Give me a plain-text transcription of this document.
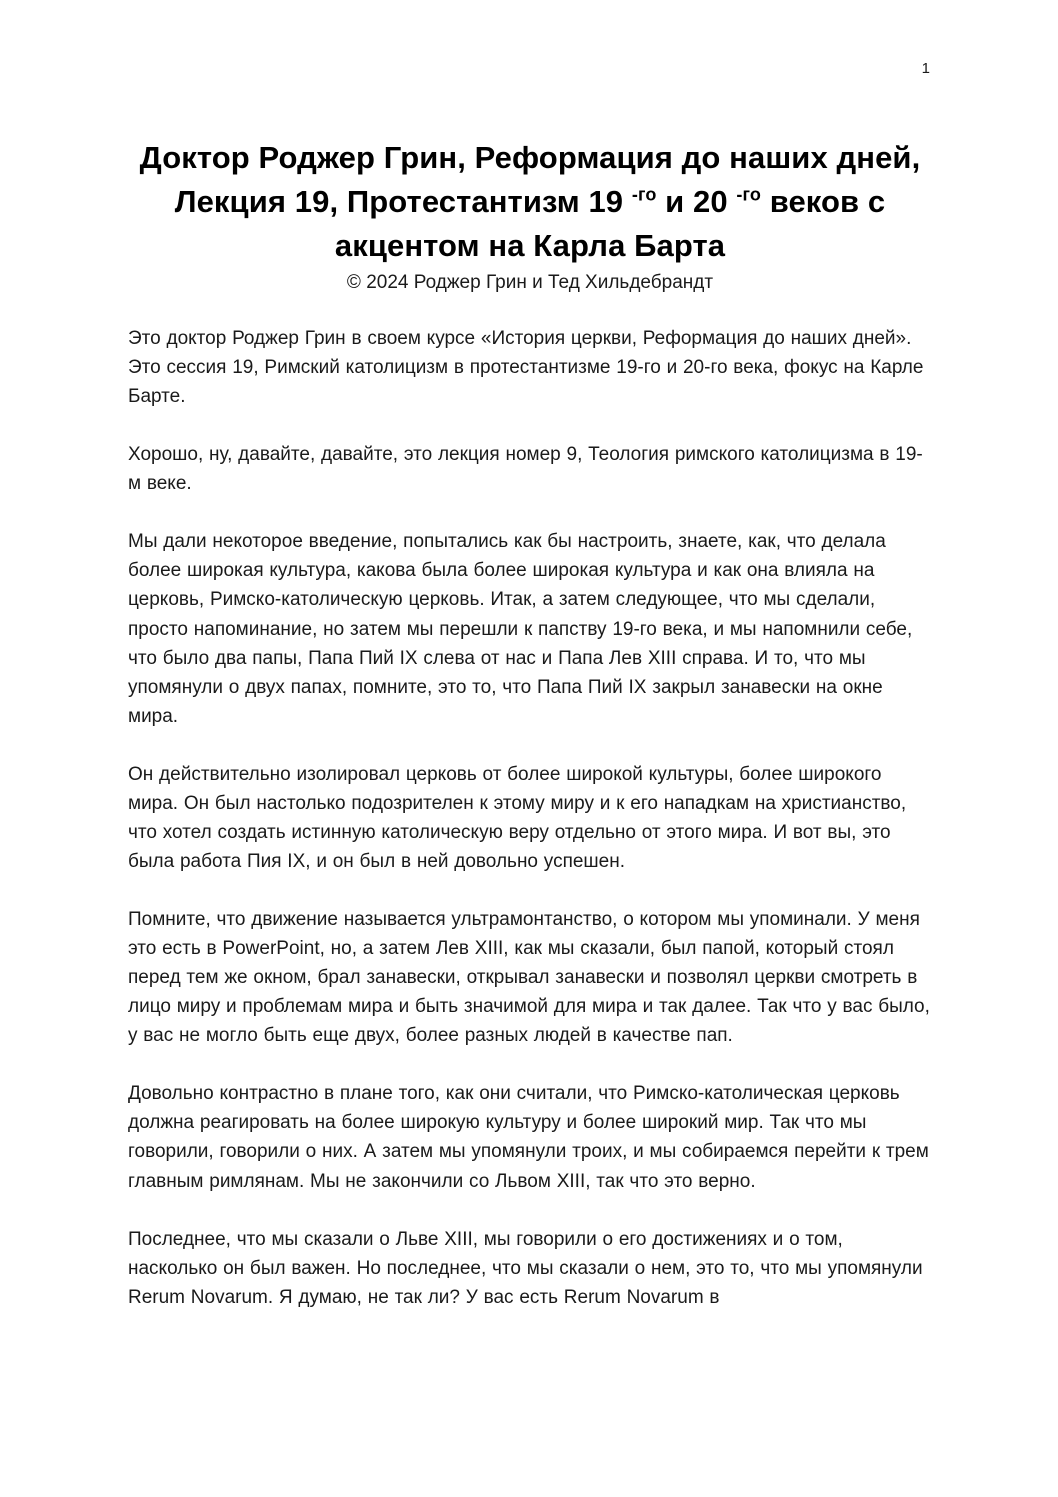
1
Доктор Роджер Грин, Реформация до наших дней, Лекция 19, Протестантизм 19 $^{-го}$ и 20 $^{-го}$ веков с акцентом на Карла Барта
© 2024 Роджер Грин и Тед Хильдебрандт

Это доктор Роджер Грин в своем курсе «История церкви, Реформация до наших дней». Это сессия 19, Римский католицизм в протестантизме 19-го и 20-го века, фокус на Карле Барте.

Хорошо, ну, давайте, давайте, это лекция номер 9, Теология римского католицизма в 19-м веке.

Мы дали некоторое введение, попытались как бы настроить, знаете, как, что делала более широкая культура, какова была более широкая культура и как она влияла на церковь, Римско-католическую церковь. Итак, а затем следующее, что мы сделали, просто напоминание, но затем мы перешли к папству 19-го века, и мы напомнили себе, что было два папы, Папа Пий IX слева от нас и Папа Лев XIII справа. И то, что мы упомянули о двух папах, помните, это то, что Папа Пий IX закрыл занавески на окне мира.

Он действительно изолировал церковь от более широкой культуры, более широкого мира. Он был настолько подозрителен к этому миру и к его нападкам на христианство, что хотел создать истинную католическую веру отдельно от этого мира. И вот вы, это была работа Пия IX, и он был в ней довольно успешен.

Помните, что движение называется ультрамонтанство, о котором мы упоминали. У меня это есть в PowerPoint, но, а затем Лев XIII, как мы сказали, был папой, который стоял перед тем же окном, брал занавески, открывал занавески и позволял церкви смотреть в лицо миру и проблемам мира и быть значимой для мира и так далее. Так что у вас было, у вас не могло быть еще двух, более разных людей в качестве пап.

Довольно контрастно в плане того, как они считали, что Римско-католическая церковь должна реагировать на более широкую культуру и более широкий мир. Так что мы говорили, говорили о них. А затем мы упомянули троих, и мы собираемся перейти к трем главным римлянам. Мы не закончили со Львом XIII, так что это верно.

Последнее, что мы сказали о Льве XIII, мы говорили о его достижениях и о том, насколько он был важен. Но последнее, что мы сказали о нем, это то, что мы упомянули Rerum Novarum. Я думаю, не так ли? У вас есть Rerum Novarum в
